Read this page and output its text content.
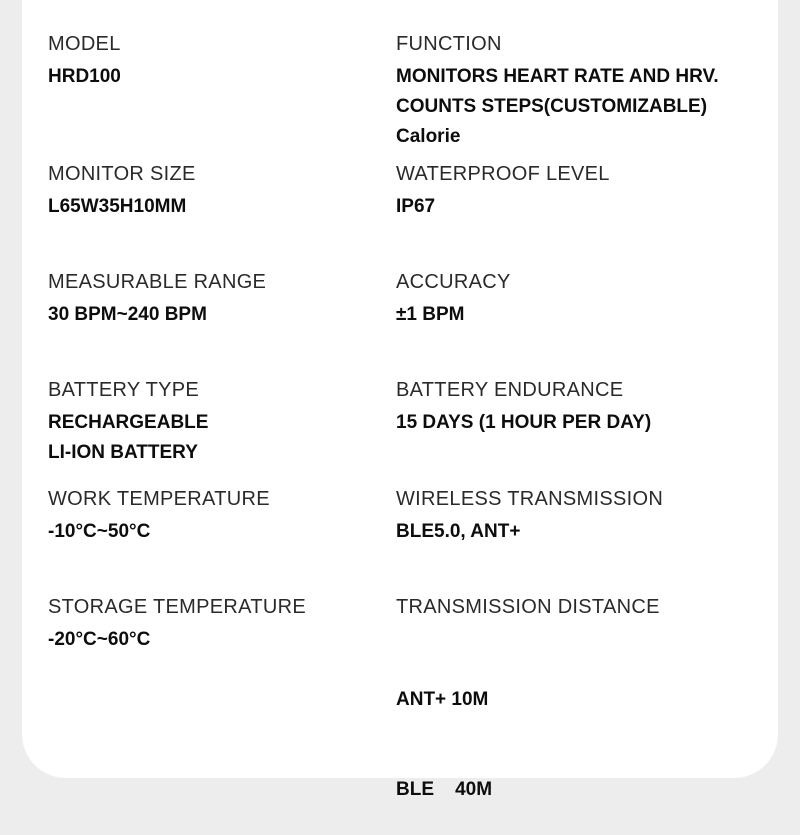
MODEL
HRD100
FUNCTION
MONITORS HEART RATE AND HRV.
COUNTS STEPS(CUSTOMIZABLE)
Calorie
MONITOR SIZE
L65W35H10MM
WATERPROOF LEVEL
IP67
MEASURABLE RANGE
30 BPM~240 BPM
ACCURACY
±1 BPM
BATTERY TYPE
RECHARGEABLE
LI-ION BATTERY
BATTERY ENDURANCE
15 DAYS (1 HOUR PER DAY)
WORK TEMPERATURE
-10°C~50°C
WIRELESS TRANSMISSION
BLE5.0, ANT+
STORAGE TEMPERATURE
-20°C~60°C
TRANSMISSION DISTANCE

ANT+ 10M

BLE    40M
